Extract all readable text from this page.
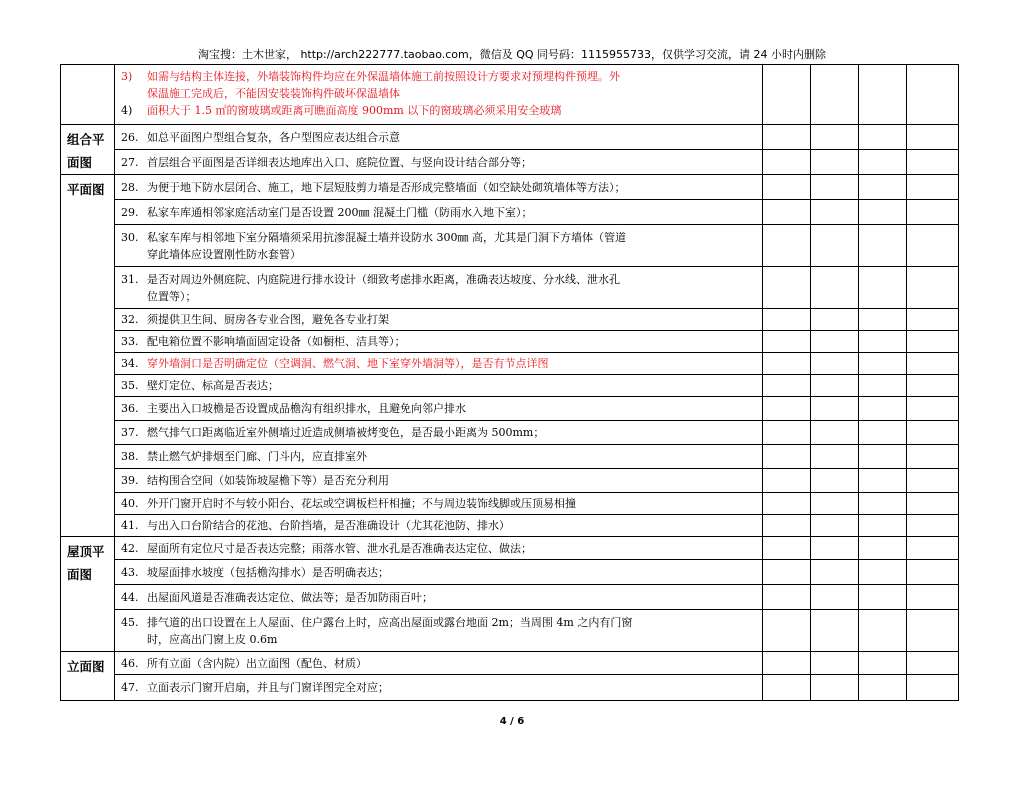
淘宝搜：土木世家， http://arch222777.taobao.com，微信及 QQ 同号码：1115955733，仅供学习交流，请 24 小时内删除
	3) 如需与结构主体连接，外墙装饰构件均应在外保温墙体施工前按照设计方要求对预埋构件预埋。外
保温施工完成后，不能因安装装饰构件破坏保温墙体
4) 面积大于 1.5 ㎡的窗玻璃或距离可瞧面高度 900mm 以下的窗玻璃必须采用安全玻璃				
组合平面图	26. 如总平面图户型组合复杂，各户型图应表达组合示意				
	27. 首层组合平面图是否详细表达地库出入口、庭院位置、与竖向设计结合部分等；				
平面图	28. 为便于地下防水层闭合、施工，地下层短肢剪力墙是否形成完整墙面（如空缺处砌筑墙体等方法）；				
	29. 私家车库通相邻家庭活动室门是否设置 200㎜ 混凝土门槛（防雨水入地下室）；				
	30. 私家车库与相邻地下室分隔墙须采用抗渗混凝土墙并设防水 300㎜ 高，尤其是门洞下方墙体（管道
穿此墙体应设置刚性防水套管）				

	31. 是否对周边外侧庭院、内庭院进行排水设计（细致考虑排水距离，准确表达坡度、分水线、泄水孔
位置等）；				

	32. 须提供卫生间、厨房各专业合图，避免各专业打架				
	33. 配电箱位置不影响墙面固定设备（如橱柜、洁具等）；				
	34. 穿外墙洞口是否明确定位（空调洞、燃气洞、地下室穿外墙洞等），是否有节点详图				
	35. 壁灯定位、标高是否表达；				
	36. 主要出入口坡檐是否设置成品檐沟有组织排水，且避免向邻户排水				
	37. 燃气排气口距离临近室外侧墙过近造成侧墙被烤变色，是否最小距离为 500mm；				
	38. 禁止燃气炉排烟至门廊、门斗内，应直排室外				
	39. 结构围合空间（如装饰坡屋檐下等）是否充分利用				
	40. 外开门窗开启时不与较小阳台、花坛或空调板栏杆相撞；不与周边装饰线脚或压顶易相撞				
	41. 与出入口台阶结合的花池、台阶挡墙，是否准确设计（尤其花池防、排水）				
屋顶平面图	42. 屋面所有定位尺寸是否表达完整；雨落水管、泄水孔是否准确表达定位、做法；				
	43. 坡屋面排水坡度（包括檐沟排水）是否明确表达；				
	44. 出屋面风道是否准确表达定位、做法等；是否加防雨百叶；				
	45. 排气道的出口设置在上人屋面、住户露台上时，应高出屋面或露台地面 2m；当周围 4m 之内有门窗
时，应高出门窗上皮 0.6m				

立面图	46. 所有立面（含内院）出立面图（配色、材质）				
	47. 立面表示门窗开启扇，并且与门窗详图完全对应；				
4 / 6
